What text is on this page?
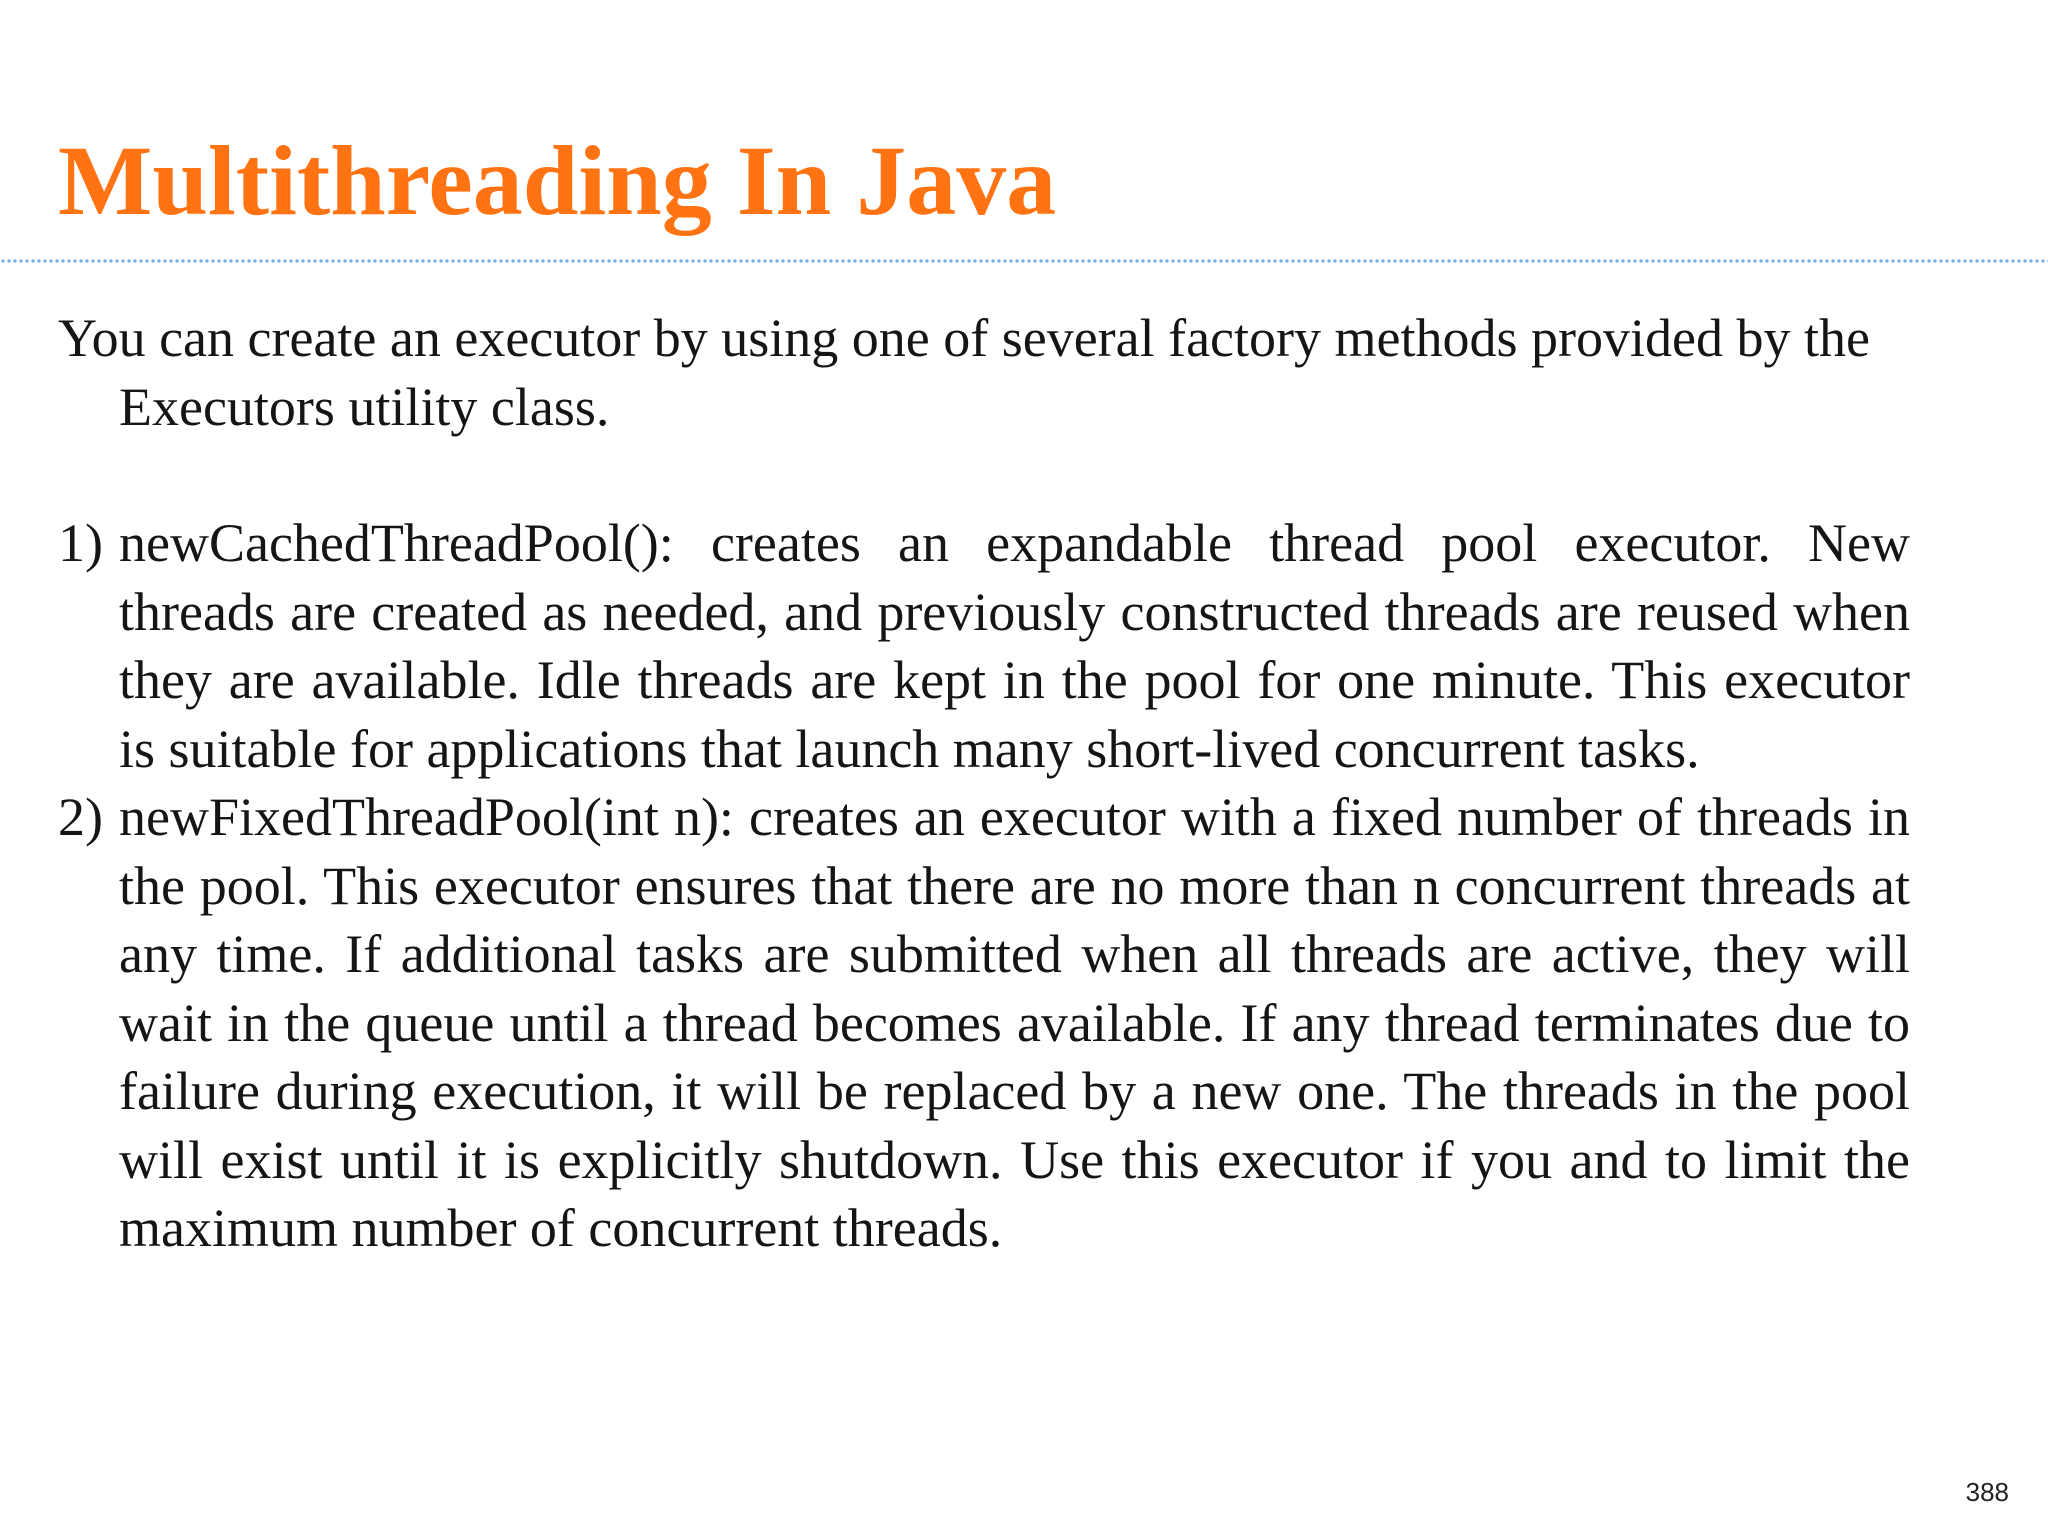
Multithreading In Java

You can create an executor by using one of several factory methods provided by the Executors utility class.

1) newCachedThreadPool(): creates an expandable thread pool executor. New threads are created as needed, and previously constructed threads are reused when they are available. Idle threads are kept in the pool for one minute. This executor is suitable for applications that launch many short-lived concurrent tasks.
2) newFixedThreadPool(int n): creates an executor with a fixed number of threads in the pool. This executor ensures that there are no more than n concurrent threads at any time. If additional tasks are submitted when all threads are active, they will wait in the queue until a thread becomes available. If any thread terminates due to failure during execution, it will be replaced by a new one. The threads in the pool will exist until it is explicitly shutdown. Use this executor if you and to limit the maximum number of concurrent threads.
388
